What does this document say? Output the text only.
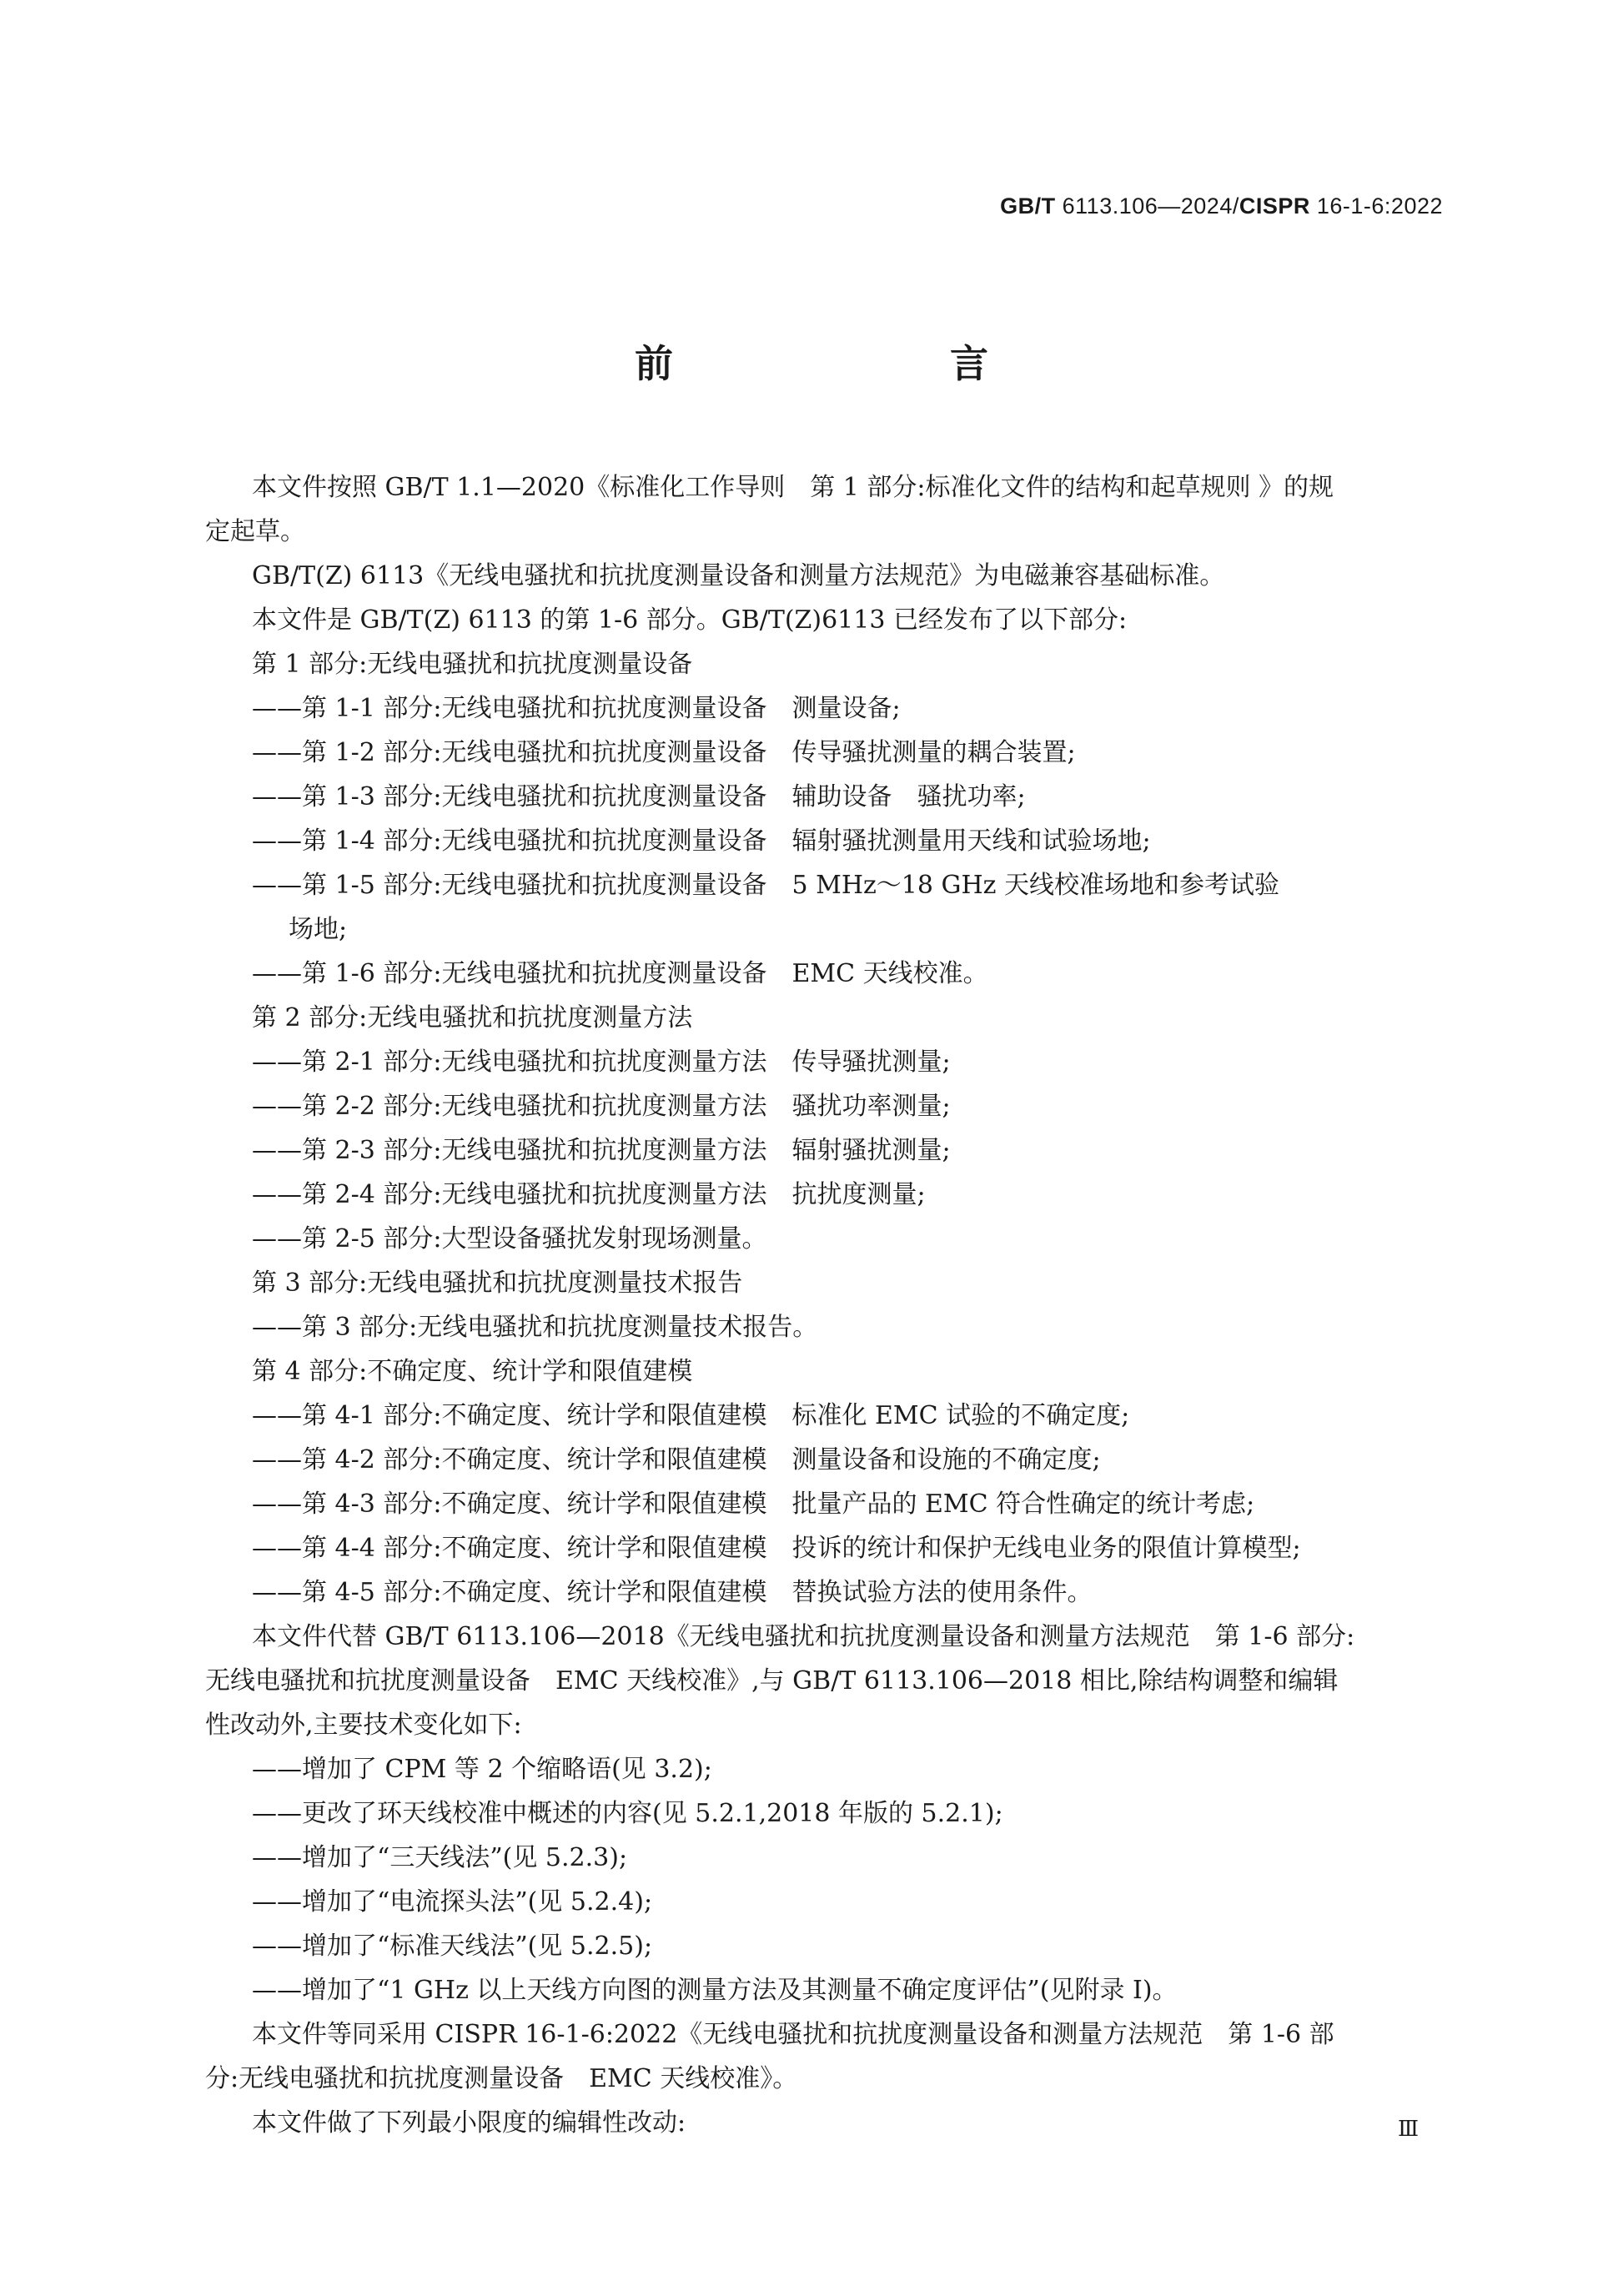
GB/T 6113.106—2024/CISPR 16-1-6:2022
前　　言
本文件按照 GB/T 1.1—2020《标准化工作导则　第 1 部分:标准化文件的结构和起草规则 》的规
定起草。
GB/T(Z) 6113《无线电骚扰和抗扰度测量设备和测量方法规范》为电磁兼容基础标准。
本文件是 GB/T(Z) 6113 的第 1-6 部分。GB/T(Z)6113 已经发布了以下部分:
第 1 部分:无线电骚扰和抗扰度测量设备
——第 1-1 部分:无线电骚扰和抗扰度测量设备　测量设备;
——第 1-2 部分:无线电骚扰和抗扰度测量设备　传导骚扰测量的耦合装置;
——第 1-3 部分:无线电骚扰和抗扰度测量设备　辅助设备　骚扰功率;
——第 1-4 部分:无线电骚扰和抗扰度测量设备　辐射骚扰测量用天线和试验场地;
——第 1-5 部分:无线电骚扰和抗扰度测量设备　5 MHz～18 GHz 天线校准场地和参考试验
场地;
——第 1-6 部分:无线电骚扰和抗扰度测量设备　EMC 天线校准。
第 2 部分:无线电骚扰和抗扰度测量方法
——第 2-1 部分:无线电骚扰和抗扰度测量方法　传导骚扰测量;
——第 2-2 部分:无线电骚扰和抗扰度测量方法　骚扰功率测量;
——第 2-3 部分:无线电骚扰和抗扰度测量方法　辐射骚扰测量;
——第 2-4 部分:无线电骚扰和抗扰度测量方法　抗扰度测量;
——第 2-5 部分:大型设备骚扰发射现场测量。
第 3 部分:无线电骚扰和抗扰度测量技术报告
——第 3 部分:无线电骚扰和抗扰度测量技术报告。
第 4 部分:不确定度、统计学和限值建模
——第 4-1 部分:不确定度、统计学和限值建模　标准化 EMC 试验的不确定度;
——第 4-2 部分:不确定度、统计学和限值建模　测量设备和设施的不确定度;
——第 4-3 部分:不确定度、统计学和限值建模　批量产品的 EMC 符合性确定的统计考虑;
——第 4-4 部分:不确定度、统计学和限值建模　投诉的统计和保护无线电业务的限值计算模型;
——第 4-5 部分:不确定度、统计学和限值建模　替换试验方法的使用条件。
本文件代替 GB/T 6113.106—2018《无线电骚扰和抗扰度测量设备和测量方法规范　第 1-6 部分:
无线电骚扰和抗扰度测量设备　EMC 天线校准》,与 GB/T 6113.106—2018 相比,除结构调整和编辑
性改动外,主要技术变化如下:
——增加了 CPM 等 2 个缩略语(见 3.2);
——更改了环天线校准中概述的内容(见 5.2.1,2018 年版的 5.2.1);
——增加了“三天线法”(见 5.2.3);
——增加了“电流探头法”(见 5.2.4);
——增加了“标准天线法”(见 5.2.5);
——增加了“1 GHz 以上天线方向图的测量方法及其测量不确定度评估”(见附录 I)。
本文件等同采用 CISPR 16-1-6:2022《无线电骚扰和抗扰度测量设备和测量方法规范　第 1-6 部
分:无线电骚扰和抗扰度测量设备　EMC 天线校准》。
本文件做了下列最小限度的编辑性改动:	Ⅲ
